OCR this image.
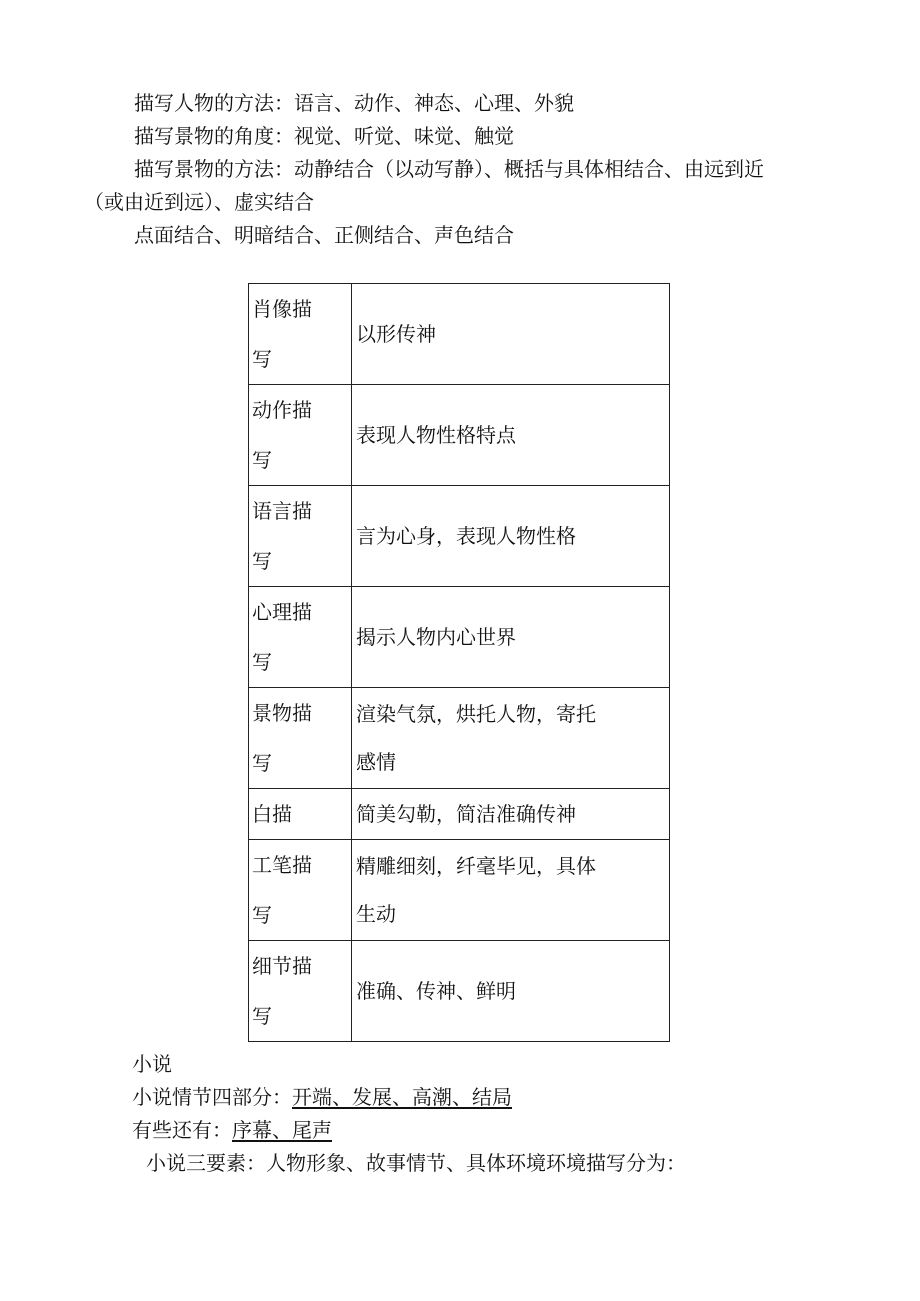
描写人物的方法：语言、动作、神态、心理、外貌
描写景物的角度：视觉、听觉、味觉、触觉
描写景物的方法：动静结合（以动写静）、概括与具体相结合、由远到近
（或由近到远）、虚实结合
点面结合、明暗结合、正侧结合、声色结合
肖像描
写	以形传神

动作描
写	表现人物性格特点

语言描
写	言为心身，表现人物性格

心理描
写	揭示人物内心世界

景物描
写	渲染气氛，烘托人物，寄托
感情

白描	简美勾勒，简洁准确传神

工笔描
写	精雕细刻，纤毫毕见，具体
生动

细节描
写	准确、传神、鲜明
小说
小说情节四部分：开端、发展、高潮、结局
有些还有：序幕、尾声
小说三要素：人物形象、故事情节、具体环境环境描写分为：
